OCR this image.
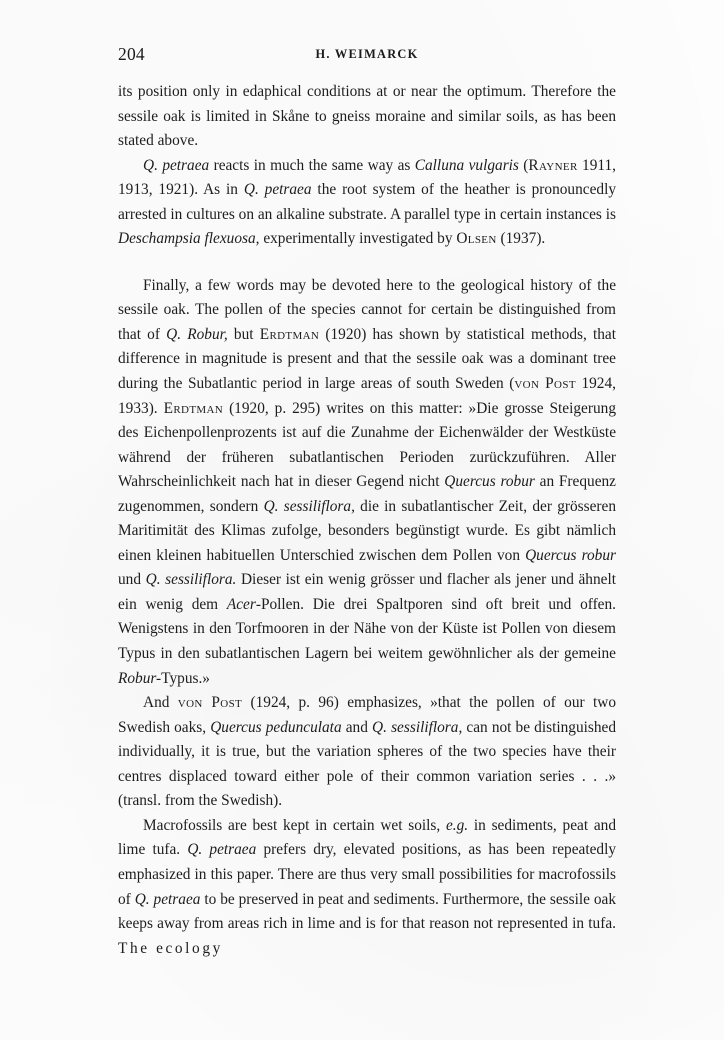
204	H. WEIMARCK

its position only in edaphical conditions at or near the optimum. Therefore the sessile oak is limited in Skåne to gneiss moraine and similar soils, as has been stated above.

Q. petraea reacts in much the same way as Calluna vulgaris (Rayner 1911, 1913, 1921). As in Q. petraea the root system of the heather is pronouncedly arrested in cultures on an alkaline substrate. A parallel type in certain instances is Deschampsia flexuosa, experimentally investigated by Olsen (1937).

Finally, a few words may be devoted here to the geological history of the sessile oak. The pollen of the species cannot for certain be distinguished from that of Q. Robur, but Erdtman (1920) has shown by statistical methods, that difference in magnitude is present and that the sessile oak was a dominant tree during the Subatlantic period in large areas of south Sweden (von Post 1924, 1933). Erdtman (1920, p. 295) writes on this matter: »Die grosse Steigerung des Eichenpollenprozents ist auf die Zunahme der Eichenwälder der Westküste während der früheren subatlantischen Perioden zurückzuführen. Aller Wahrscheinlichkeit nach hat in dieser Gegend nicht Quercus robur an Frequenz zugenommen, sondern Q. sessiliflora, die in subatlantischer Zeit, der grösseren Maritimität des Klimas zufolge, besonders begünstigt wurde. Es gibt nämlich einen kleinen habituellen Unterschied zwischen dem Pollen von Quercus robur und Q. sessiliflora. Dieser ist ein wenig grösser und flacher als jener und ähnelt ein wenig dem Acer-Pollen. Die drei Spaltporen sind oft breit und offen. Wenigstens in den Torfmooren in der Nähe von der Küste ist Pollen von diesem Typus in den subatlantischen Lagern bei weitem gewöhnlicher als der gemeine Robur-Typus.»

And von Post (1924, p. 96) emphasizes, »that the pollen of our two Swedish oaks, Quercus pedunculata and Q. sessiliflora, can not be distinguished individually, it is true, but the variation spheres of the two species have their centres displaced toward either pole of their common variation series . . .» (transl. from the Swedish).

Macrofossils are best kept in certain wet soils, e.g. in sediments, peat and lime tufa. Q. petraea prefers dry, elevated positions, as has been repeatedly emphasized in this paper. There are thus very small possibilities for macrofossils of Q. petraea to be preserved in peat and sediments. Furthermore, the sessile oak keeps away from areas rich in lime and is for that reason not represented in tufa. The ecology
